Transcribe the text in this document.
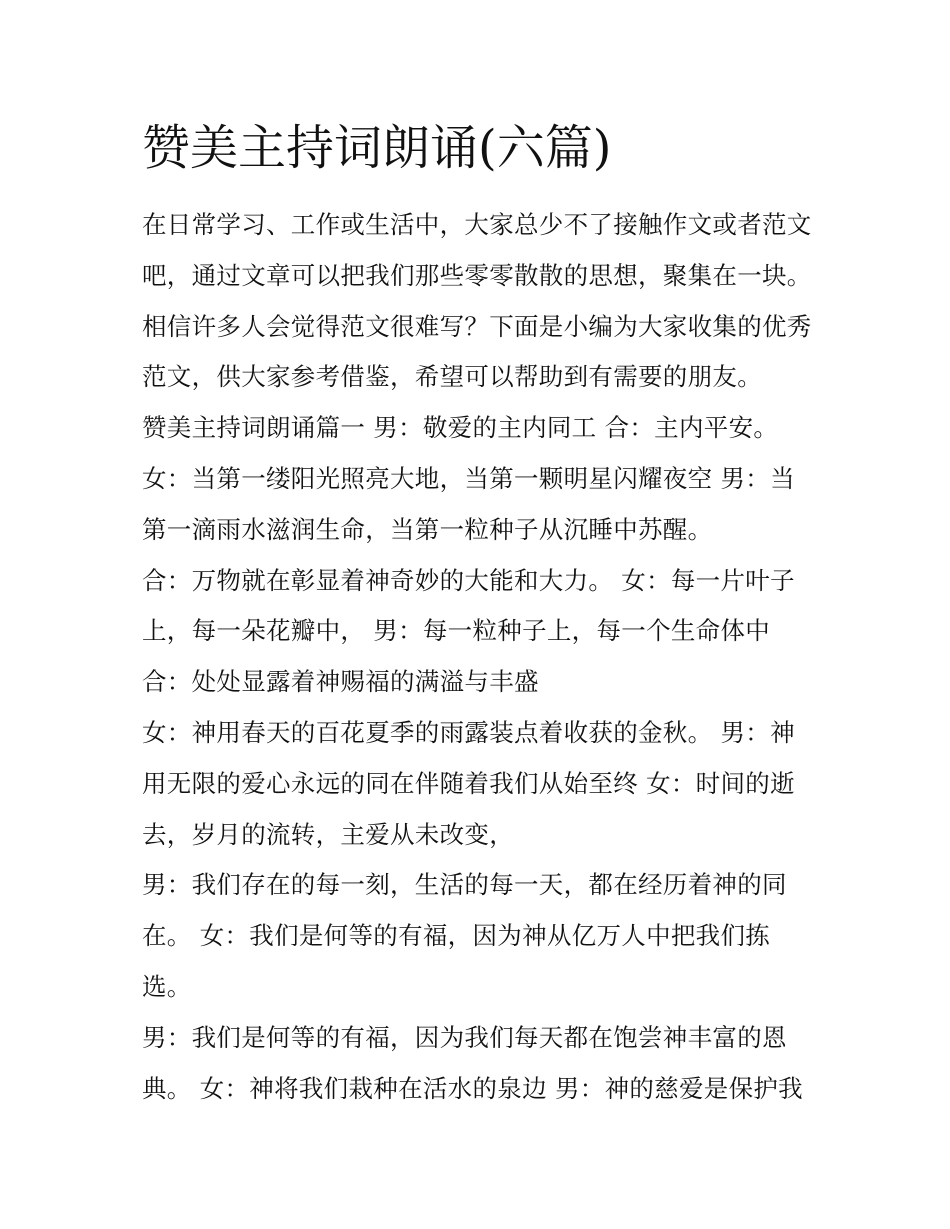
赞美主持词朗诵(六篇)
在日常学习、工作或生活中，大家总少不了接触作文或者范文
吧，通过文章可以把我们那些零零散散的思想，聚集在一块。
相信许多人会觉得范文很难写？下面是小编为大家收集的优秀
范文，供大家参考借鉴，希望可以帮助到有需要的朋友。
赞美主持词朗诵篇一 男：敬爱的主内同工 合：主内平安。
女：当第一缕阳光照亮大地，当第一颗明星闪耀夜空 男：当
第一滴雨水滋润生命，当第一粒种子从沉睡中苏醒。
合：万物就在彰显着神奇妙的大能和大力。 女：每一片叶子
上，每一朵花瓣中， 男：每一粒种子上，每一个生命体中
合：处处显露着神赐福的满溢与丰盛
女：神用春天的百花夏季的雨露装点着收获的金秋。 男：神
用无限的爱心永远的同在伴随着我们从始至终 女：时间的逝
去，岁月的流转，主爱从未改变，
男：我们存在的每一刻，生活的每一天，都在经历着神的同
在。 女：我们是何等的有福，因为神从亿万人中把我们拣
选。
男：我们是何等的有福，因为我们每天都在饱尝神丰富的恩
典。 女：神将我们栽种在活水的泉边 男：神的慈爱是保护我
